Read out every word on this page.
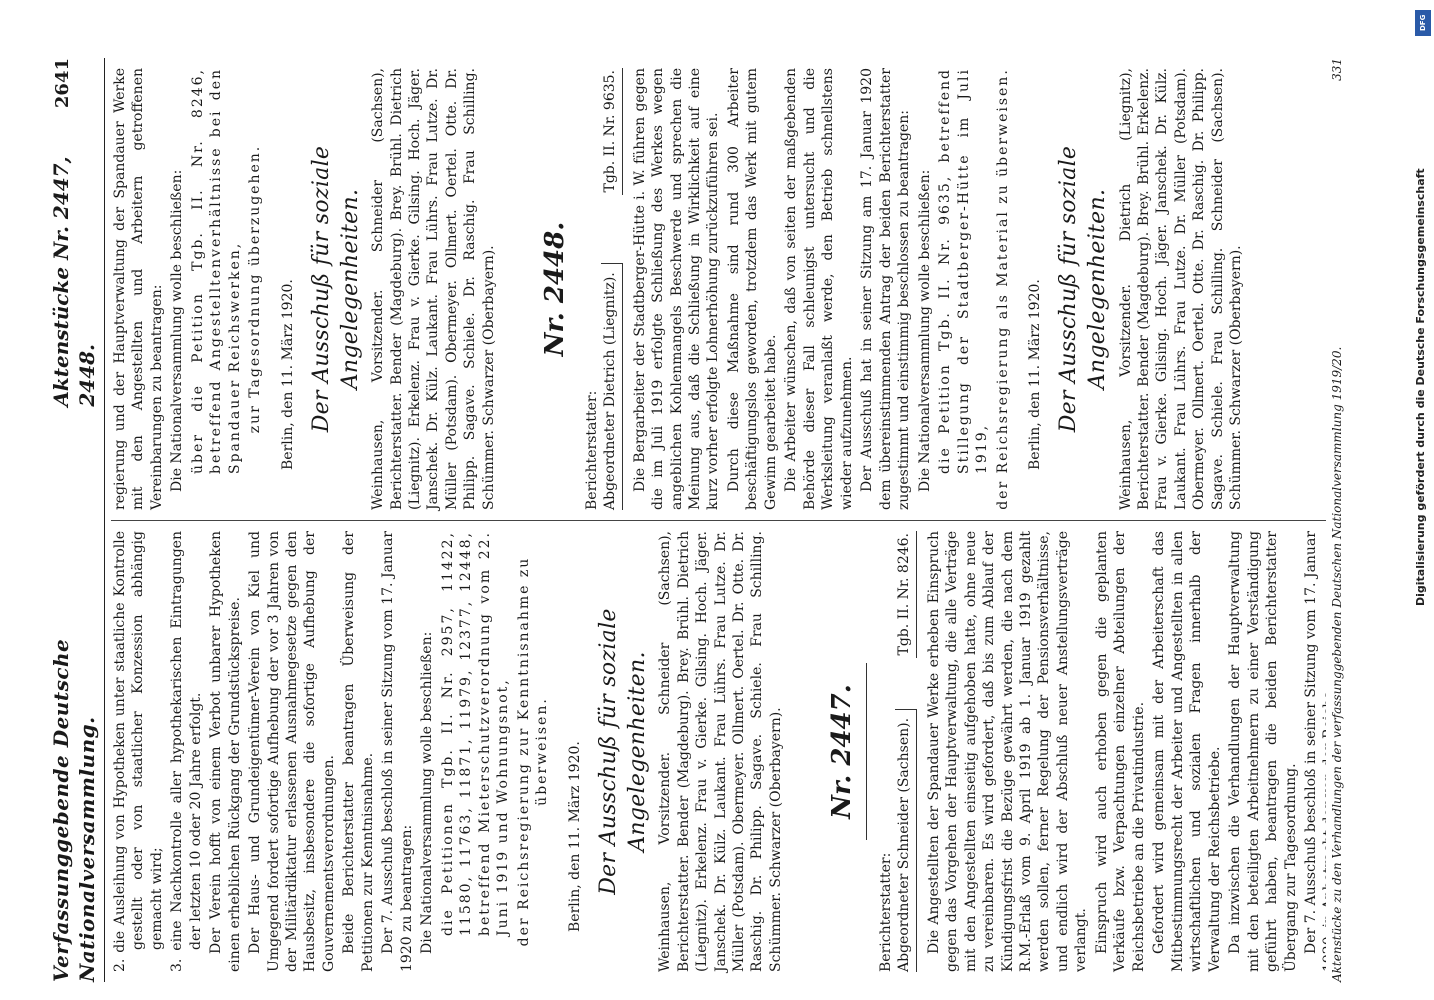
Verfassunggebende Deutsche Nationalversammlung.
Aktenstücke Nr. 2447, 2448.
2641

2. die Ausleihung von Hypotheken unter staatliche Kontrolle gestellt oder von staatlicher Konzession abhängig gemacht wird; 3. eine Nachkontrolle aller hypothekarischen Eintragungen der letzten 10 oder 20 Jahre erfolgt. Der Verein hofft von einem Verbot unbarer Hypotheken einen erheblichen Rückgang der Grundstückspreise. Der Haus- und Grundeigentümer-Verein von Kiel und Umgegend fordert sofortige Aufhebung der vor 3 Jahren von der Militärdiktatur erlassenen Ausnahmegesetze gegen den Hausbesitz, insbesondere die sofortige Aufhebung der Gouvernementsverordnungen. Beide Berichterstatter beantragen Überweisung der Petitionen zur Kenntnisnahme. Der 7. Ausschuß beschloß in seiner Sitzung vom 17. Januar 1920 zu beantragen: Die Nationalversammlung wolle beschließen: die Petitionen Tgb. II. Nr. 2957, 11422, 11580, 11763, 11871, 11979, 12377, 12448, betreffend Mieterschutzverordnung vom 22. Juni 1919 und Wohnungsnot, der Reichsregierung zur Kenntnisnahme zu überweisen. Berlin, den 11. März 1920. Der Ausschuß für soziale Angelegenheiten. Weinhausen, Vorsitzender. Schneider (Sachsen), Berichterstatter. Bender (Magdeburg). Brey. Brühl. Dietrich (Liegnitz). Erkelenz. Frau v. Gierke. Gilsing. Hoch. Jäger. Janschek. Dr. Külz. Laukant. Frau Lührs. Frau Lutze. Dr. Müller (Potsdam). Obermeyer. Ollmert. Oertel. Dr. Otte. Dr. Raschig. Dr. Philipp. Sagave. Schiele. Frau Schilling. Schümmer. Schwarzer (Oberbayern). Nr. 2447.

Berichterstatter: Abgeordneter Schneider (Sachsen).
Tgb. II. Nr. 8246. Die Angestellten der Spandauer Werke erheben Einspruch gegen das Vorgehen der Hauptverwaltung, die alle Verträge mit den Angestellten einseitig aufgehoben hatte, ohne neue zu vereinbaren. Es wird gefordert, daß bis zum Ablauf der Kündigungsfrist die Bezüge gewährt werden, die nach dem R.M.-Erlaß vom 9. April 1919 ab 1. Januar 1919 gezahlt werden sollen, ferner Regelung der Pensionsverhältnisse, und endlich wird der Abschluß neuer Anstellungsverträge verlangt. Einspruch wird auch erhoben gegen die geplanten Verkäufe bzw. Verpachtungen einzelner Abteilungen der Reichsbetriebe an die Privatindustrie. Gefordert wird gemeinsam mit der Arbeiterschaft das Mitbestimmungsrecht der Arbeiter und Angestellten in allen wirtschaftlichen und sozialen Fragen innerhalb der Verwaltung der Reichsbetriebe. Da inzwischen die Verhandlungen der Hauptverwaltung mit den beteiligten Arbeitnehmern zu einer Verständigung geführt haben, beantragen die beiden Berichterstatter Übergang zur Tagesordnung. Der 7. Ausschuß beschloß in seiner Sitzung vom 17. Januar 1920, in Anbetracht der von der Reichs-

regierung und der Hauptverwaltung der Spandauer Werke mit den Angestellten und Arbeitern getroffenen Vereinbarungen zu beantragen: Die Nationalversammlung wolle beschließen: über die Petition Tgb. II. Nr. 8246, betreffend Angestelltenverhältnisse bei den Spandauer Reichswerken, zur Tagesordnung überzugehen. Berlin, den 11. März 1920. Der Ausschuß für soziale Angelegenheiten. Weinhausen, Vorsitzender. Schneider (Sachsen), Berichterstatter. Bender (Magdeburg). Brey. Brühl. Dietrich (Liegnitz). Erkelenz. Frau v. Gierke. Gilsing. Hoch. Jäger. Janschek. Dr. Külz. Laukant. Frau Lührs. Frau Lutze. Dr. Müller (Potsdam). Obermeyer. Ollmert. Oertel. Otte. Dr. Philipp. Sagave. Schiele. Dr. Raschig. Frau Schilling. Schümmer. Schwarzer (Oberbayern). Nr. 2448.

Berichterstatter: Abgeordneter Dietrich (Liegnitz).
Tgb. II. Nr. 9635. Die Bergarbeiter der Stadtberger-Hütte i. W. führen gegen die im Juli 1919 erfolgte Schließung des Werkes wegen angeblichen Kohlenmangels Beschwerde und sprechen die Meinung aus, daß die Schließung in Wirklichkeit auf eine kurz vorher erfolgte Lohnerhöhung zurückzuführen sei. Durch diese Maßnahme sind rund 300 Arbeiter beschäftigungslos geworden, trotzdem das Werk mit gutem Gewinn gearbeitet habe. Die Arbeiter wünschen, daß von seiten der maßgebenden Behörde dieser Fall schleunigst untersucht und die Werksleitung veranlaßt werde, den Betrieb schnellstens wieder aufzunehmen. Der Ausschuß hat in seiner Sitzung am 17. Januar 1920 dem übereinstimmenden Antrag der beiden Berichterstatter zugestimmt und einstimmig beschlossen zu beantragen: Die Nationalversammlung wolle beschließen: die Petition Tgb. II. Nr. 9635, betreffend Stillegung der Stadtberger-Hütte im Juli 1919, der Reichsregierung als Material zu überweisen. Berlin, den 11. März 1920. Der Ausschuß für soziale Angelegenheiten. Weinhausen, Vorsitzender. Dietrich (Liegnitz), Berichterstatter. Bender (Magdeburg). Brey. Brühl. Erkelenz. Frau v. Gierke. Gilsing. Hoch. Jäger. Janschek. Dr. Külz. Laukant. Frau Lührs. Frau Lutze. Dr. Müller (Potsdam). Obermeyer. Ollmert. Oertel. Otte. Dr. Raschig. Dr. Philipp. Sagave. Schiele. Frau Schilling. Schneider (Sachsen). Schümmer. Schwarzer (Oberbayern).	Aktenstücke zu den Verhandlungen der verfassunggebenden Deutschen Nationalversammlung 1919/20.
331
DFG
Digitalisierung gefördert durch die Deutsche Forschungsgemeinschaft
